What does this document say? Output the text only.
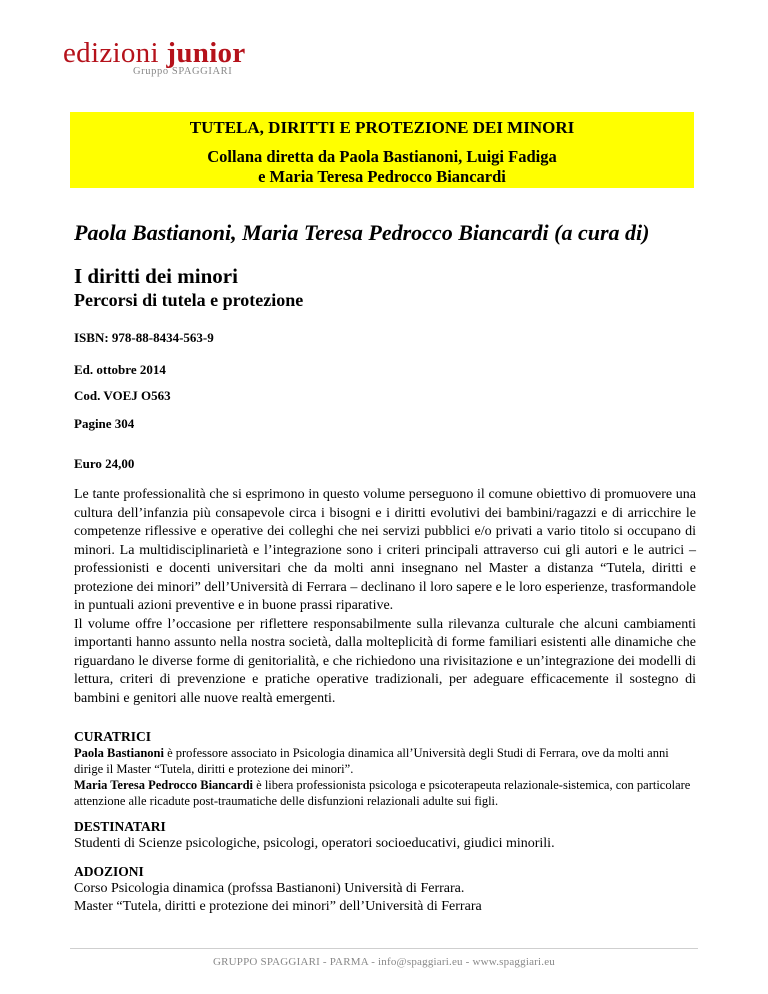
edizioni junior
Gruppo SPAGGIARI
TUTELA, DIRITTI E PROTEZIONE DEI MINORI
Collana diretta da Paola Bastianoni, Luigi Fadiga
e Maria Teresa Pedrocco Biancardi
Paola Bastianoni, Maria Teresa Pedrocco Biancardi (a cura di)
I diritti dei minori
Percorsi di tutela e protezione
ISBN: 978-88-8434-563-9
Ed. ottobre 2014
Cod. VOEJ O563
Pagine 304
Euro 24,00

Le tante professionalità che si esprimono in questo volume perseguono il comune obiettivo di promuovere una cultura dell’infanzia più consapevole circa i bisogni e i diritti evolutivi dei bambini/ragazzi e di arricchire le competenze riflessive e operative dei colleghi che nei servizi pubblici e/o privati a vario titolo si occupano di minori. La multidisciplinarietà e l’integrazione sono i criteri principali attraverso cui gli autori e le autrici – professionisti e docenti universitari che da molti anni insegnano nel Master a distanza “Tutela, diritti e protezione dei minori” dell’Università di Ferrara – declinano il loro sapere e le loro esperienze, trasformandole in puntuali azioni preventive e in buone prassi riparative.

Il volume offre l’occasione per riflettere responsabilmente sulla rilevanza culturale che alcuni cambiamenti importanti hanno assunto nella nostra società, dalla molteplicità di forme familiari esistenti alle dinamiche che riguardano le diverse forme di genitorialità, e che richiedono una rivisitazione e un’integrazione dei modelli di lettura, criteri di prevenzione e pratiche operative tradizionali, per adeguare efficacemente il sostegno di bambini e genitori alle nuove realtà emergenti.

CURATRICI
Paola Bastianoni è professore associato in Psicologia dinamica all’Università degli Studi di Ferrara, ove da molti anni dirige il Master “Tutela, diritti e protezione dei minori”.
Maria Teresa Pedrocco Biancardi è libera professionista psicologa e psicoterapeuta relazionale-sistemica, con particolare attenzione alle ricadute post-traumatiche delle disfunzioni relazionali adulte sui figli.
DESTINATARI
Studenti di Scienze psicologiche, psicologi, operatori socioeducativi, giudici minorili.
ADOZIONI
Corso Psicologia dinamica (profssa Bastianoni) Università di Ferrara.
Master “Tutela, diritti e protezione dei minori” dell’Università di Ferrara
GRUPPO SPAGGIARI - PARMA - info@spaggiari.eu - www.spaggiari.eu
